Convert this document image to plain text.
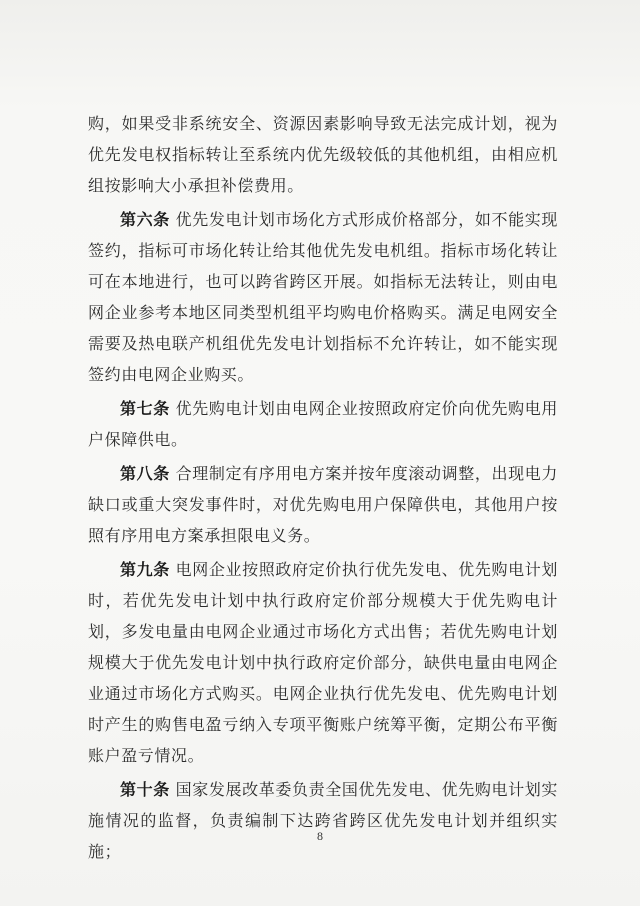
购，如果受非系统安全、资源因素影响导致无法完成计划，视为优先发电权指标转让至系统内优先级较低的其他机组，由相应机组按影响大小承担补偿费用。

第六条 优先发电计划市场化方式形成价格部分，如不能实现签约，指标可市场化转让给其他优先发电机组。指标市场化转让可在本地进行，也可以跨省跨区开展。如指标无法转让，则由电网企业参考本地区同类型机组平均购电价格购买。满足电网安全需要及热电联产机组优先发电计划指标不允许转让，如不能实现签约由电网企业购买。

第七条 优先购电计划由电网企业按照政府定价向优先购电用户保障供电。

第八条 合理制定有序用电方案并按年度滚动调整，出现电力缺口或重大突发事件时，对优先购电用户保障供电，其他用户按照有序用电方案承担限电义务。

第九条 电网企业按照政府定价执行优先发电、优先购电计划时，若优先发电计划中执行政府定价部分规模大于优先购电计划，多发电量由电网企业通过市场化方式出售；若优先购电计划规模大于优先发电计划中执行政府定价部分，缺供电量由电网企业通过市场化方式购买。电网企业执行优先发电、优先购电计划时产生的购售电盈亏纳入专项平衡账户统筹平衡，定期公布平衡账户盈亏情况。

第十条 国家发展改革委负责全国优先发电、优先购电计划实施情况的监督，负责编制下达跨省跨区优先发电计划并组织实施；

8
